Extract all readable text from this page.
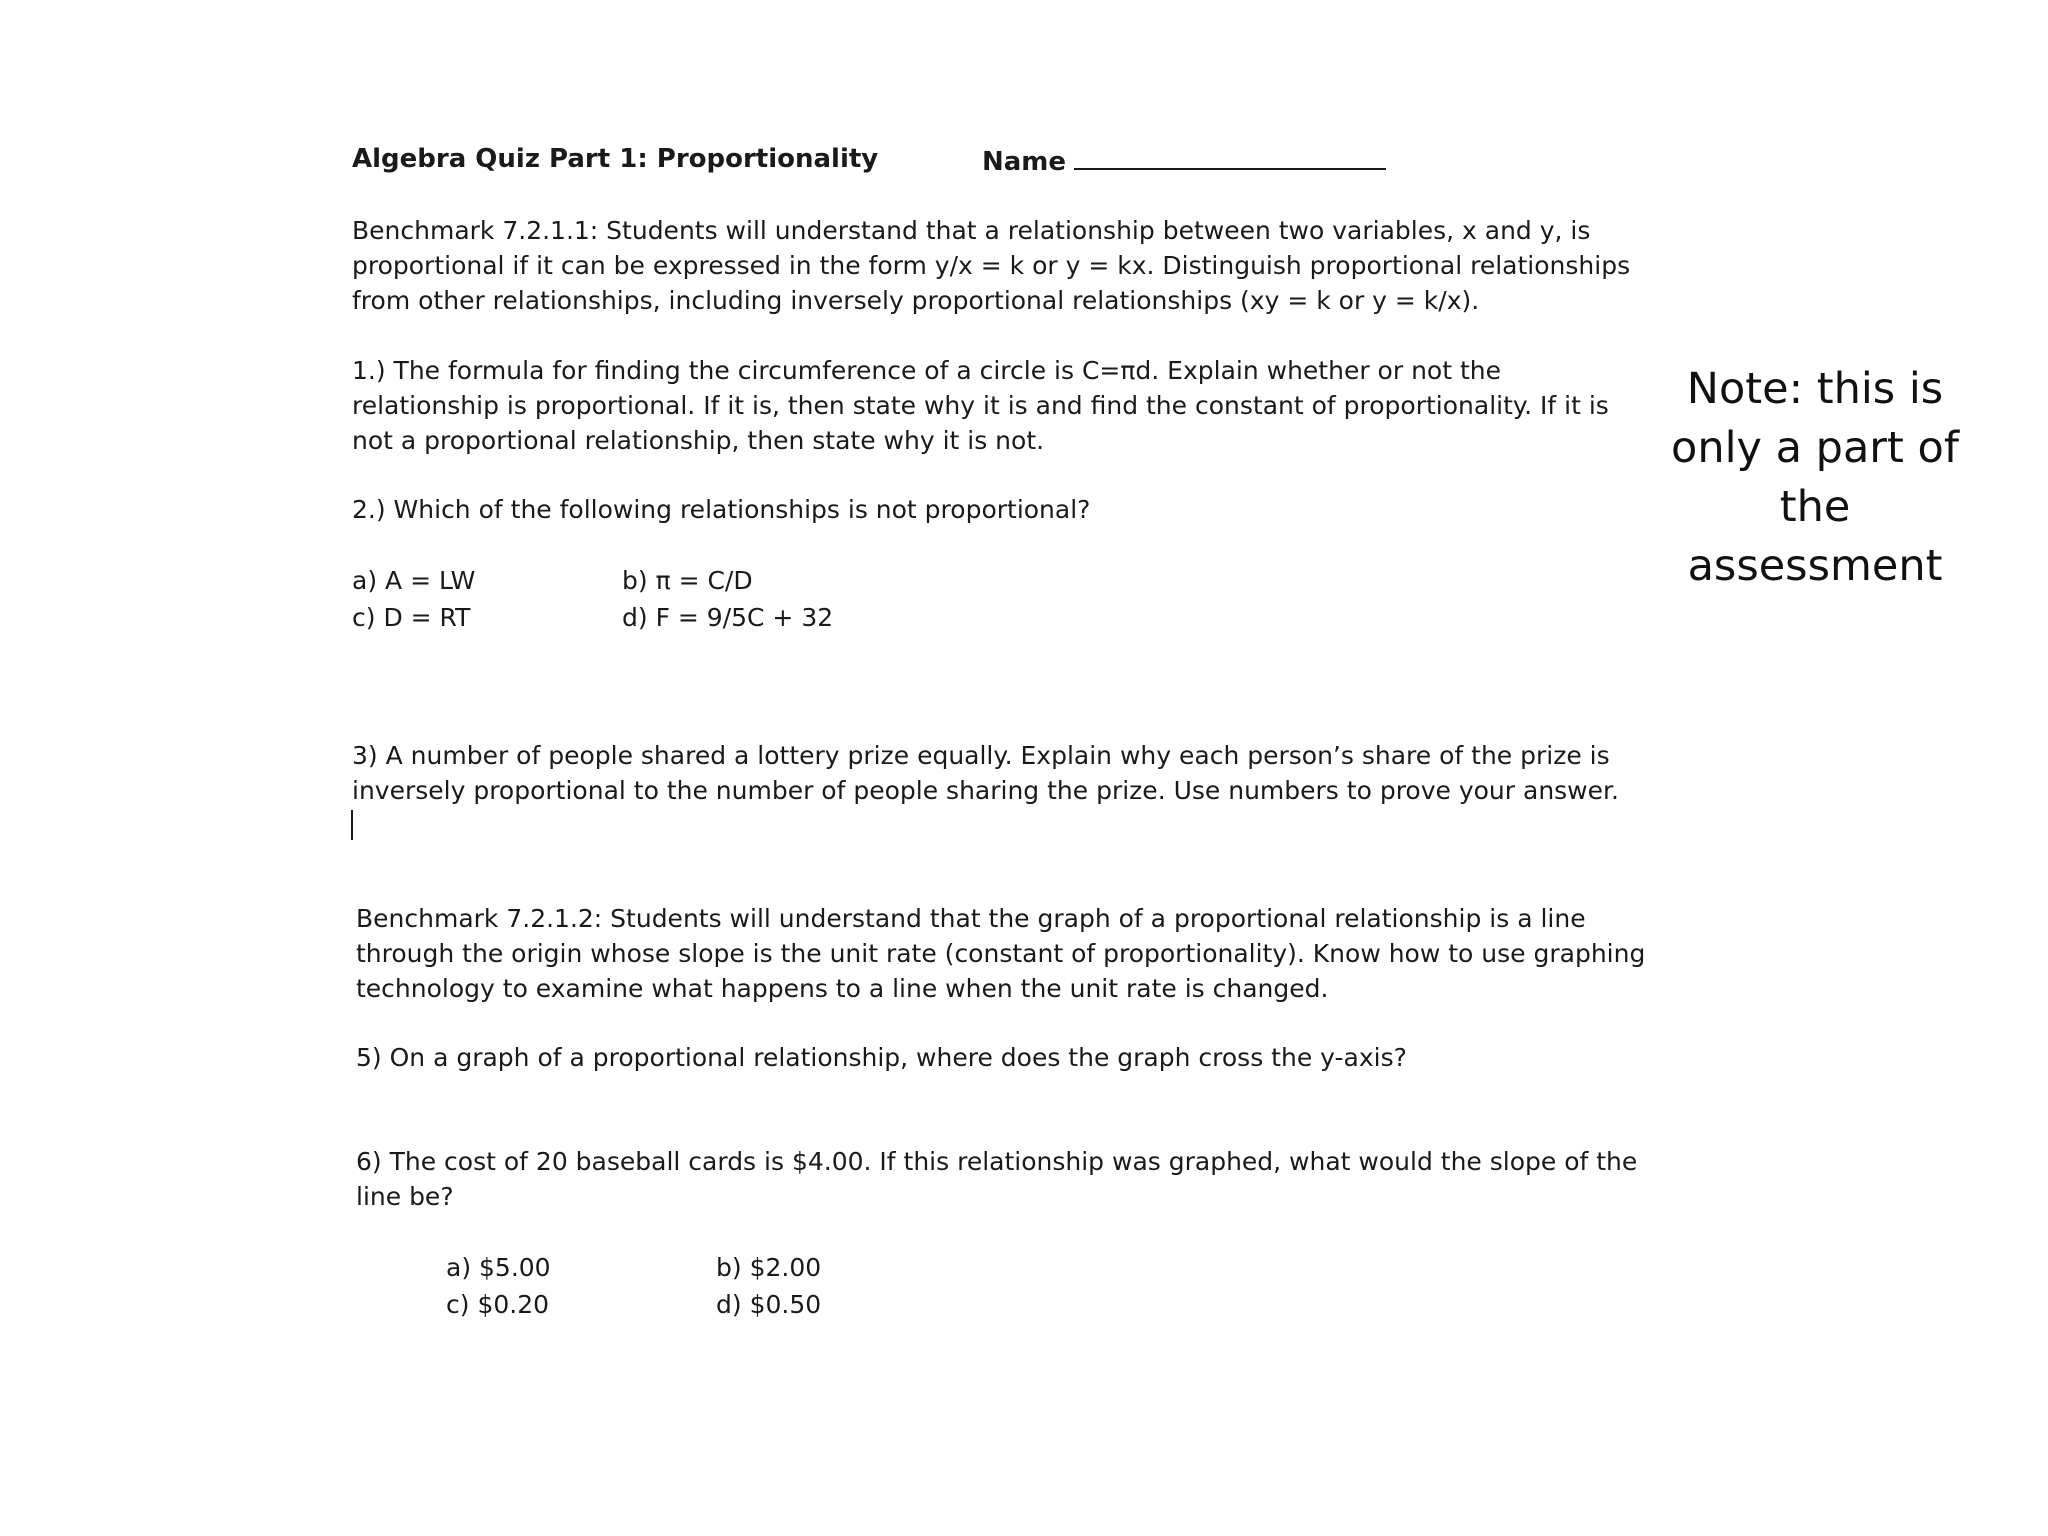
Algebra Quiz Part 1: Proportionality	Name
Benchmark 7.2.1.1: Students will understand that a relationship between two variables, x and y, is
proportional if it can be expressed in the form y/x = k or y = kx. Distinguish proportional relationships
from other relationships, including inversely proportional relationships (xy = k or y = k/x).
1.) The formula for finding the circumference of a circle is C=πd. Explain whether or not the
relationship is proportional. If it is, then state why it is and find the constant of proportionality. If it is
not a proportional relationship, then state why it is not.
2.) Which of the following relationships is not proportional?
a) A = LW	b) π = C/D
c) D = RT	d) F = 9/5C + 32
3) A number of people shared a lottery prize equally. Explain why each person’s share of the prize is
inversely proportional to the number of people sharing the prize. Use numbers to prove your answer.
Benchmark 7.2.1.2: Students will understand that the graph of a proportional relationship is a line
through the origin whose slope is the unit rate (constant of proportionality). Know how to use graphing
technology to examine what happens to a line when the unit rate is changed.
5) On a graph of a proportional relationship, where does the graph cross the y-axis?
6) The cost of 20 baseball cards is $4.00. If this relationship was graphed, what would the slope of the
line be?
a) $5.00	b) $2.00
c) $0.20	d) $0.50
Note: this is only a part of the assessment
